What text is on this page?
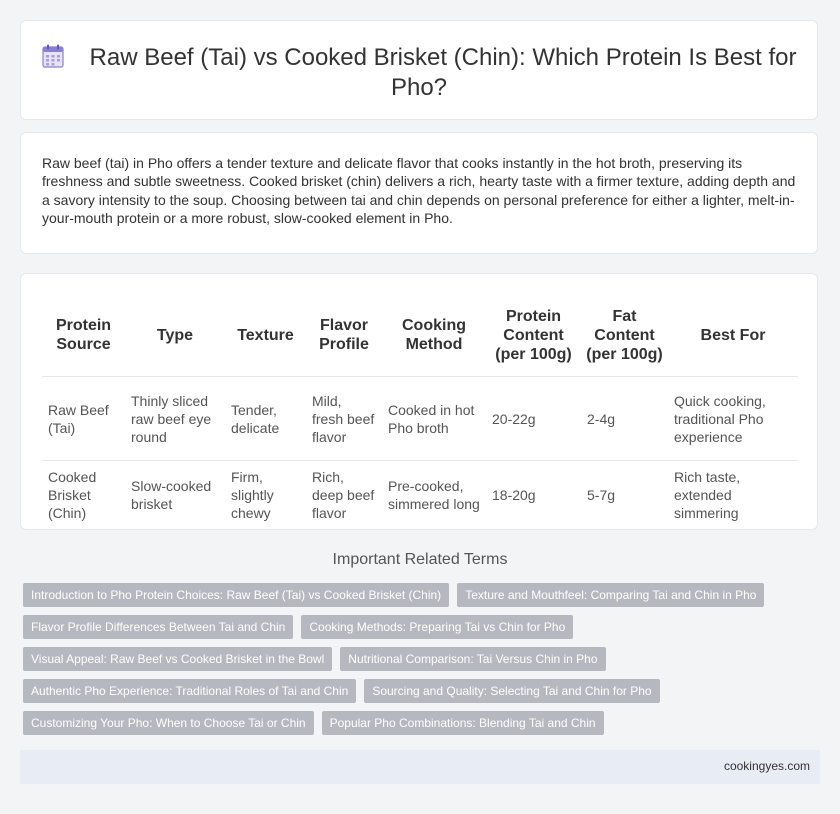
Raw Beef (Tai) vs Cooked Brisket (Chin): Which Protein Is Best for Pho?

Raw beef (tai) in Pho offers a tender texture and delicate flavor that cooks instantly in the hot broth, preserving its freshness and subtle sweetness. Cooked brisket (chin) delivers a rich, hearty taste with a firmer texture, adding depth and a savory intensity to the soup. Choosing between tai and chin depends on personal preference for either a lighter, melt-in-your-mouth protein or a more robust, slow-cooked element in Pho.

Protein Source	Type	Texture	Flavor Profile	Cooking Method	Protein Content (per 100g)	Fat Content (per 100g)	Best For
Raw Beef (Tai)	Thinly sliced raw beef eye round	Tender, delicate	Mild, fresh beef flavor	Cooked in hot Pho broth	20-22g	2-4g	Quick cooking, traditional Pho experience
Cooked Brisket (Chin)	Slow-cooked brisket	Firm, slightly chewy	Rich, deep beef flavor	Pre-cooked, simmered long	18-20g	5-7g	Rich taste, extended simmering
Important Related Terms
Introduction to Pho Protein Choices: Raw Beef (Tai) vs Cooked Brisket (Chin)	Texture and Mouthfeel: Comparing Tai and Chin in Pho
Flavor Profile Differences Between Tai and Chin	Cooking Methods: Preparing Tai vs Chin for Pho
Visual Appeal: Raw Beef vs Cooked Brisket in the Bowl	Nutritional Comparison: Tai Versus Chin in Pho
Authentic Pho Experience: Traditional Roles of Tai and Chin	Sourcing and Quality: Selecting Tai and Chin for Pho
Customizing Your Pho: When to Choose Tai or Chin	Popular Pho Combinations: Blending Tai and Chin
cookingyes.com
